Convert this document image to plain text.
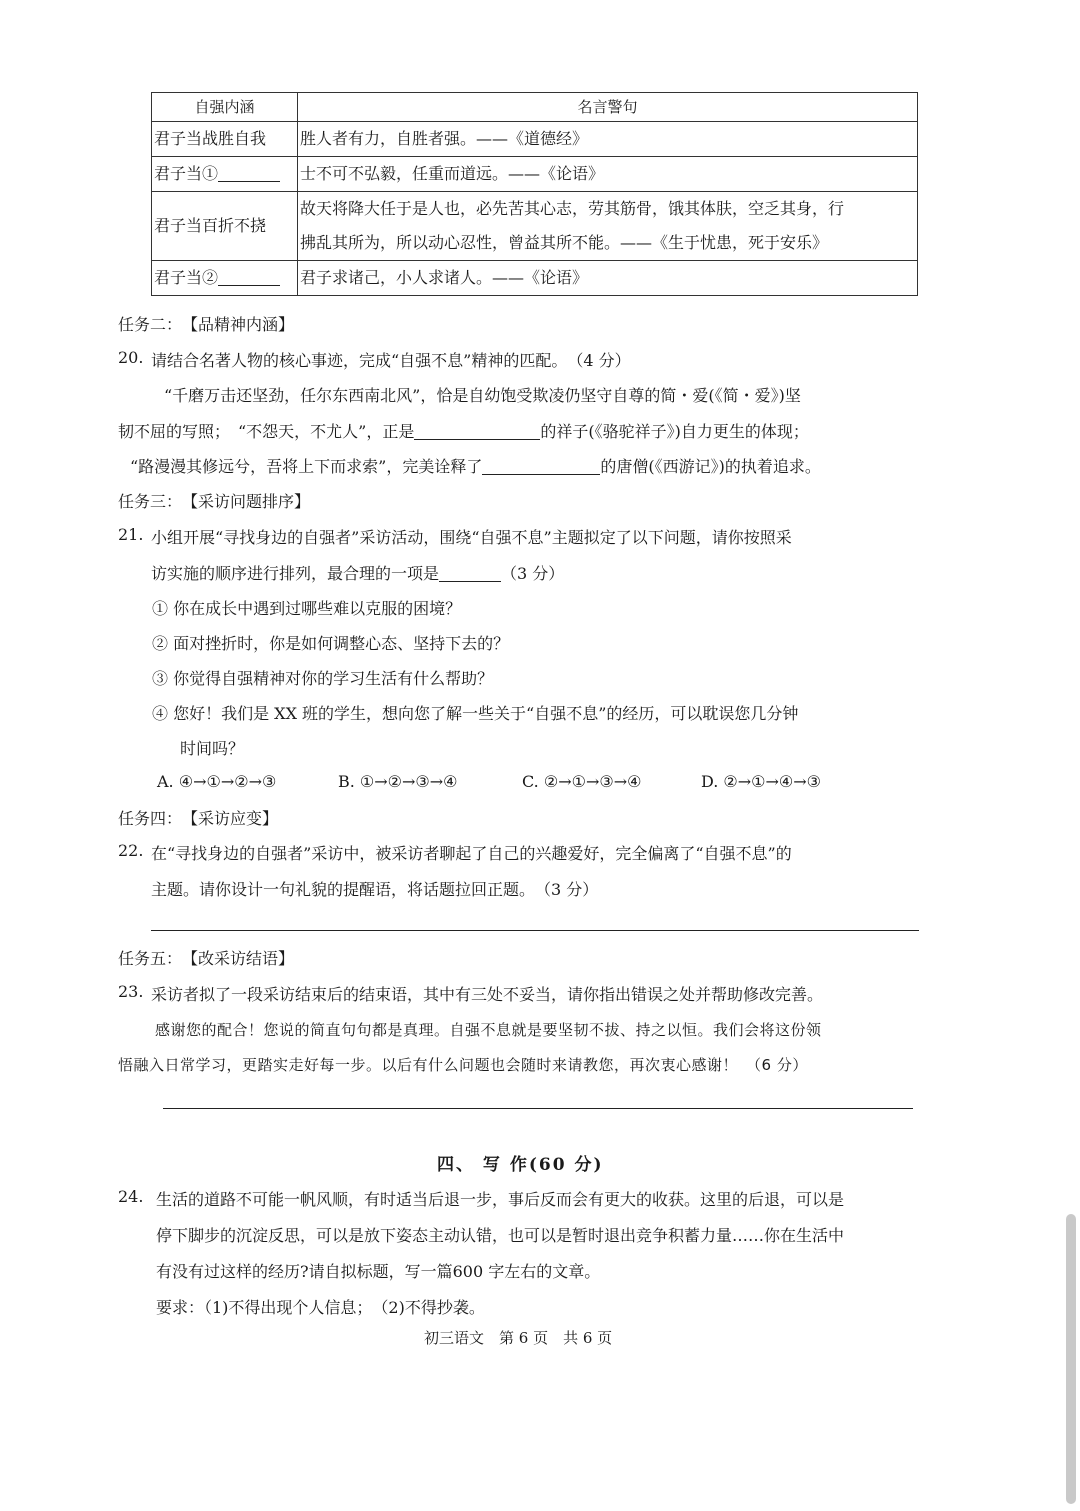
自强内涵	名言警句
君子当战胜自我	胜人者有力，自胜者强。——《道德经》
君子当①	士不可不弘毅，任重而道远。——《论语》
君子当百折不挠	故天将降大任于是人也，必先苦其心志，劳其筋骨，饿其体肤，空乏其身，行
拂乱其所为，所以动心忍性，曾益其所不能。——《生于忧患，死于安乐》

君子当②	君子求诸己，小人求诸人。——《论语》
任务二：　【品精神内涵】
20. 请结合名著人物的核心事迹，完成“自强不息”精神的匹配。　（4 分）
“千磨万击还坚劲，任尔东西南北风”，恰是自幼饱受欺凌仍坚守自尊的简・爱(《简・爱》)坚
韧不屈的写照；　“不怨天，不尤人”，正是	的祥子(《骆驼祥子》)自力更生的体现；
“路漫漫其修远兮，吾将上下而求索”，完美诠释了	的唐僧(《西游记》)的执着追求。
任务三：　【采访问题排序】
21. 小组开展“寻找身边的自强者”采访活动，围绕“自强不息”主题拟定了以下问题，请你按照采
访实施的顺序进行排列，最合理的一项是	（3 分）
① 你在成长中遇到过哪些难以克服的困境？
② 面对挫折时，你是如何调整心态、坚持下去的？
③ 你觉得自强精神对你的学习生活有什么帮助？
④ 您好！我们是 XX 班的学生，想向您了解一些关于“自强不息”的经历，可以耽误您几分钟
时间吗？
A. ④→①→②→③	B. ①→②→③→④	C. ②→①→③→④	D. ②→①→④→③
任务四：　【采访应变】
22. 在“寻找身边的自强者”采访中，被采访者聊起了自己的兴趣爱好，完全偏离了“自强不息”的
主题。请你设计一句礼貌的提醒语，将话题拉回正题。　（3 分）
任务五：　【改采访结语】
23. 采访者拟了一段采访结束后的结束语，其中有三处不妥当，请你指出错误之处并帮助修改完善。
感谢您的配合！您说的简直句句都是真理。自强不息就是要坚韧不拔、持之以恒。我们会将这份领
悟融入日常学习，更踏实走好每一步。以后有什么问题也会随时来请教您，再次衷心感谢！　（6 分）
四、 写 作(60 分)
24. 生活的道路不可能一帆风顺，有时适当后退一步，事后反而会有更大的收获。这里的后退，可以是
停下脚步的沉淀反思，可以是放下姿态主动认错，也可以是暂时退出竞争积蓄力量……你在生活中
有没有过这样的经历?请自拟标题，写一篇600 字左右的文章。
要求：（1)不得出现个人信息；　（2)不得抄袭。
初三语文　第 6 页　共 6 页
